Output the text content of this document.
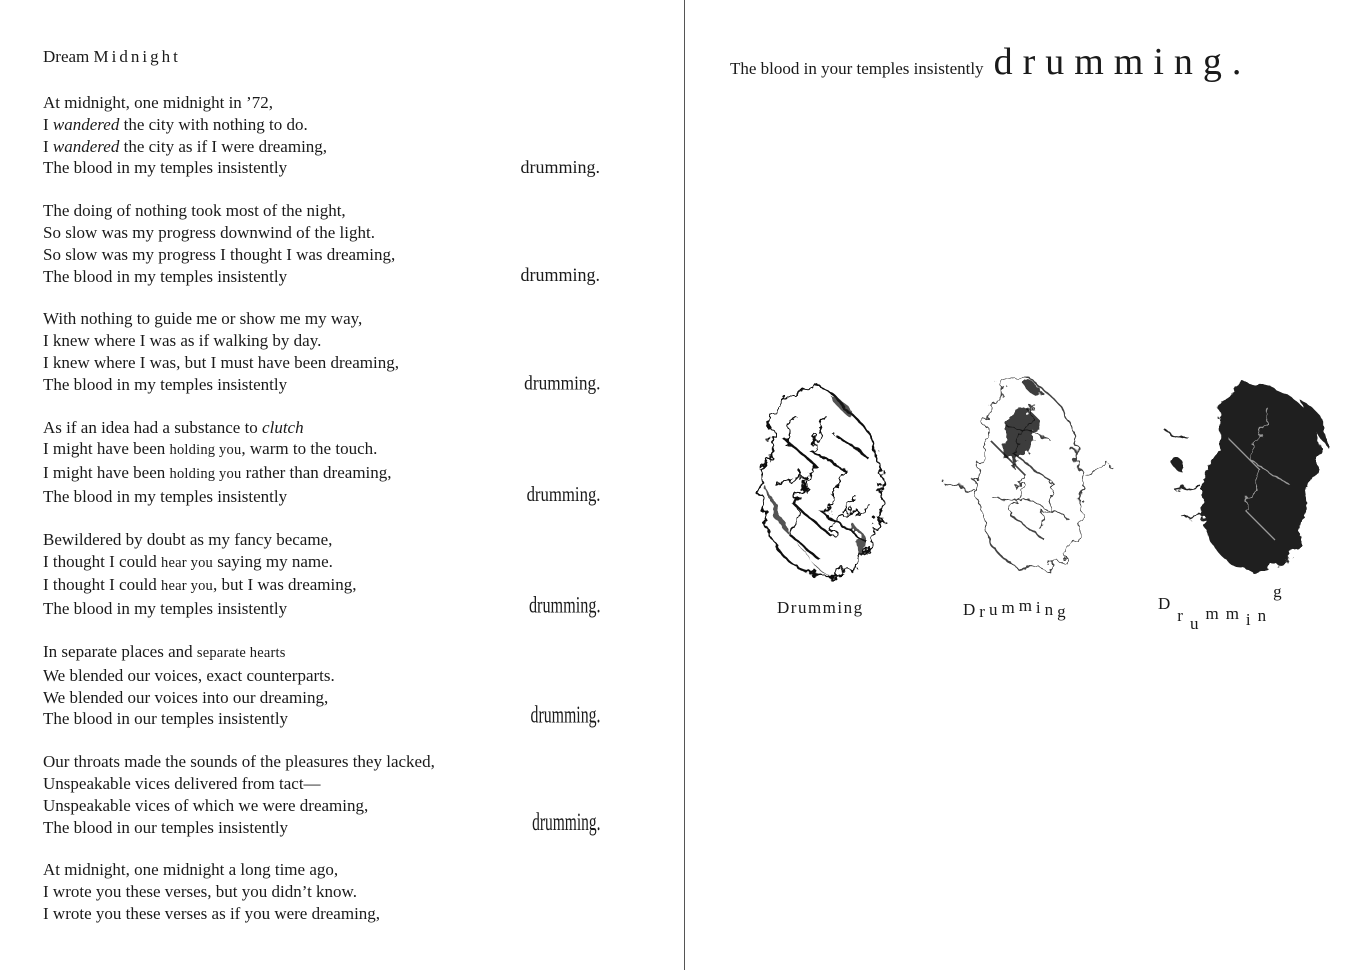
Dream Midnight
At midnight, one midnight in ’72,
I wandered the city with nothing to do.
I wandered the city as if I were dreaming,
The blood in my temples insistently	drumming.
The doing of nothing took most of the night,
So slow was my progress downwind of the light.
So slow was my progress I thought I was dreaming,
The blood in my temples insistently	drumming.
With nothing to guide me or show me my way,
I knew where I was as if walking by day.
I knew where I was, but I must have been dreaming,
The blood in my temples insistently	drumming.
As if an idea had a substance to clutch
I might have been holding you, warm to the touch.
I might have been holding you rather than dreaming,
The blood in my temples insistently	drumming.
Bewildered by doubt as my fancy became,
I thought I could hear you saying my name.
I thought I could hear you, but I was dreaming,
The blood in my temples insistently	drumming.
In separate places and separate hearts
We blended our voices, exact counterparts.
We blended our voices into our dreaming,
The blood in our temples insistently	drumming.
Our throats made the sounds of the pleasures they lacked,
Unspeakable vices delivered from tact—
Unspeakable vices of which we were dreaming,
The blood in our temples insistently	drumming.
At midnight, one midnight a long time ago,
I wrote you these verses, but you didn’t know.
I wrote you these verses as if you were dreaming,
The blood in your temples insistently drumming.
Drumming	D r u m m i n g	Dr um m i ng
